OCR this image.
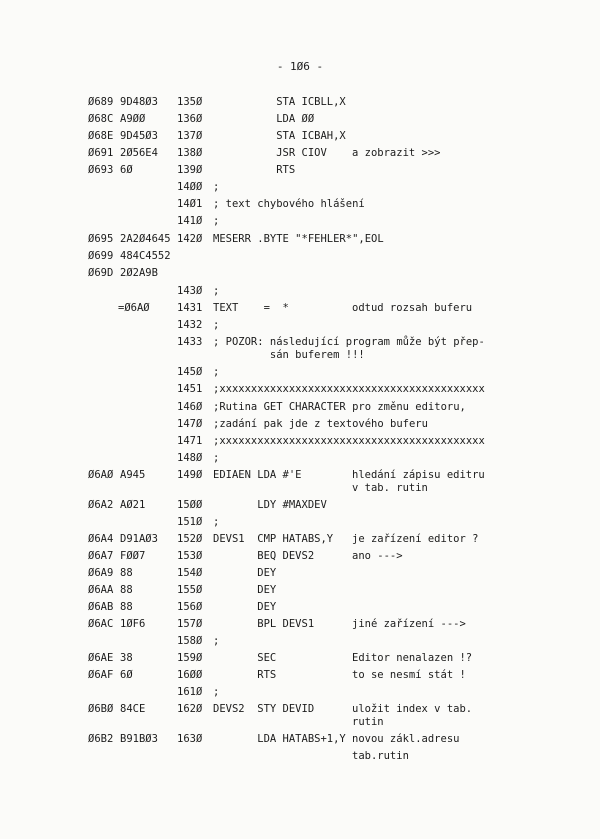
- 1Ø6 -
Ø689 9D48Ø3 135Ø STA ICBLL,X
Ø68C A9ØØ	136Ø LDA ØØ
Ø68E 9D45Ø3 137Ø STA ICBAH,X
Ø691 2Ø56E4 138Ø JSR CIOV a zobrazit >>>
Ø693 6Ø	139Ø RTS
14ØØ ;
14Ø1 ; text chybového hlášení
141Ø ;
Ø695 2A2Ø4645 142Ø MESERR .BYTE "*FEHLER*",EOL
Ø699 484C4552
Ø69D 2Ø2A9B
143Ø ;
=Ø6AØ	1431 TEXT    =  *	odtud rozsah buferu
1432 ;
1433 ; POZOR: následující program může být přep-
sán buferem !!!
145Ø ;
1451 ;xxxxxxxxxxxxxxxxxxxxxxxxxxxxxxxxxxxxxxxxxx
146Ø ;Rutina GET CHARACTER pro změnu editoru,
147Ø ;zadání pak jde z textového buferu
1471 ;xxxxxxxxxxxxxxxxxxxxxxxxxxxxxxxxxxxxxxxxxx
148Ø ;
Ø6AØ A945	149Ø EDIAEN LDA #'E	hledání zápisu editru
v tab. rutin
Ø6A2 AØ21	15ØØ LDY #MAXDEV
151Ø ;
Ø6A4 D91AØ3 152Ø DEVS1  CMP HATABS,Y je zařízení editor ?
Ø6A7 FØØ7	153Ø BEQ DEVS2	ano --->
Ø6A9 88	154Ø DEY
Ø6AA 88	155Ø DEY
Ø6AB 88	156Ø DEY
Ø6AC 1ØF6	157Ø BPL DEVS1	jiné zařízení --->
158Ø ;
Ø6AE 38	159Ø SEC	Editor nenalazen !?
Ø6AF 6Ø	16ØØ RTS	to se nesmí stát !
161Ø ;
Ø6BØ 84CE	162Ø DEVS2  STY DEVID	uložit index v tab.
rutin
Ø6B2 B91BØ3 163Ø LDA HATABS+1,Y novou zákl.adresu
tab.rutin
